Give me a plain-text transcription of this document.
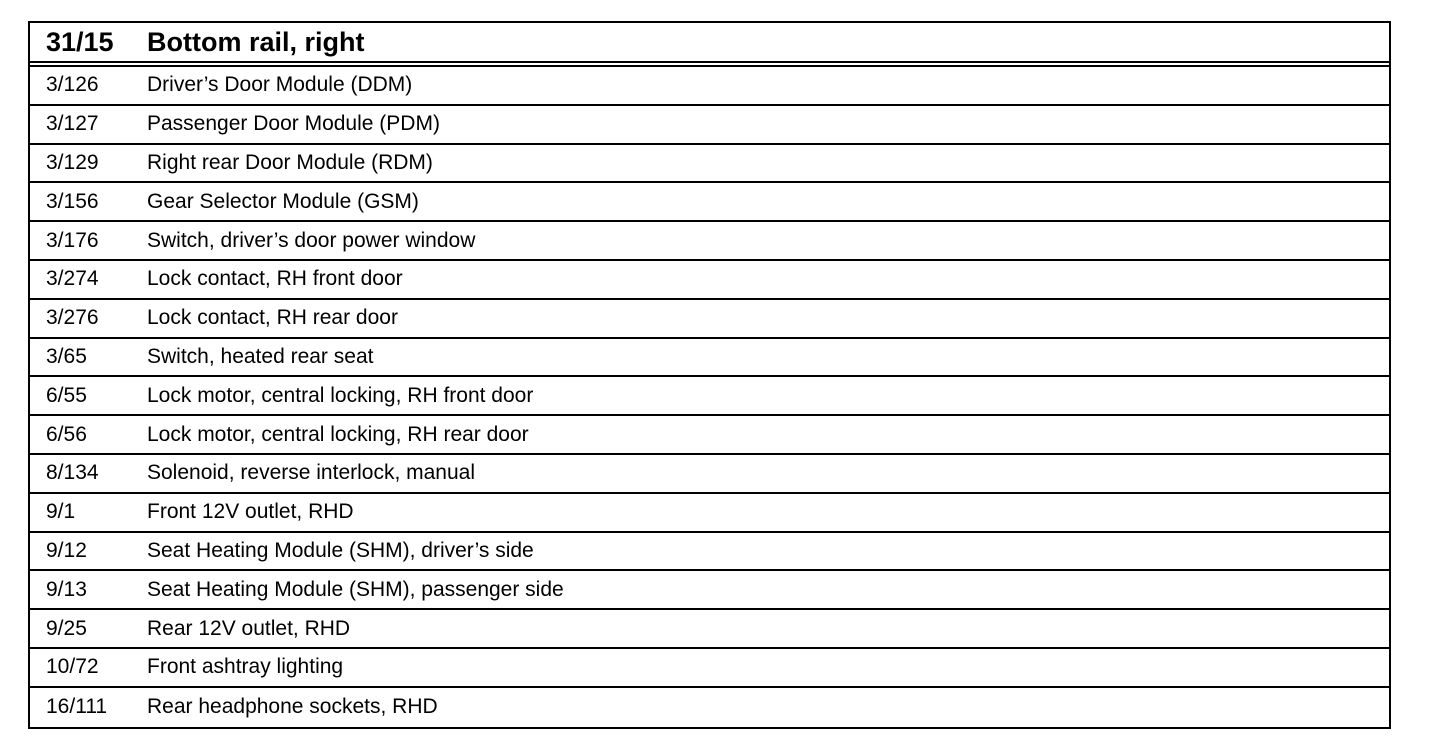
31/15	Bottom rail, right
3/126	Driver’s Door Module (DDM)
3/127	Passenger Door Module (PDM)
3/129	Right rear Door Module (RDM)
3/156	Gear Selector Module (GSM)
3/176	Switch, driver’s door power window
3/274	Lock contact, RH front door
3/276	Lock contact, RH rear door
3/65	Switch, heated rear seat
6/55	Lock motor, central locking, RH front door
6/56	Lock motor, central locking, RH rear door
8/134	Solenoid, reverse interlock, manual
9/1	Front 12V outlet, RHD
9/12	Seat Heating Module (SHM), driver’s side
9/13	Seat Heating Module (SHM), passenger side
9/25	Rear 12V outlet, RHD
10/72	Front ashtray lighting
16/111	Rear headphone sockets, RHD
